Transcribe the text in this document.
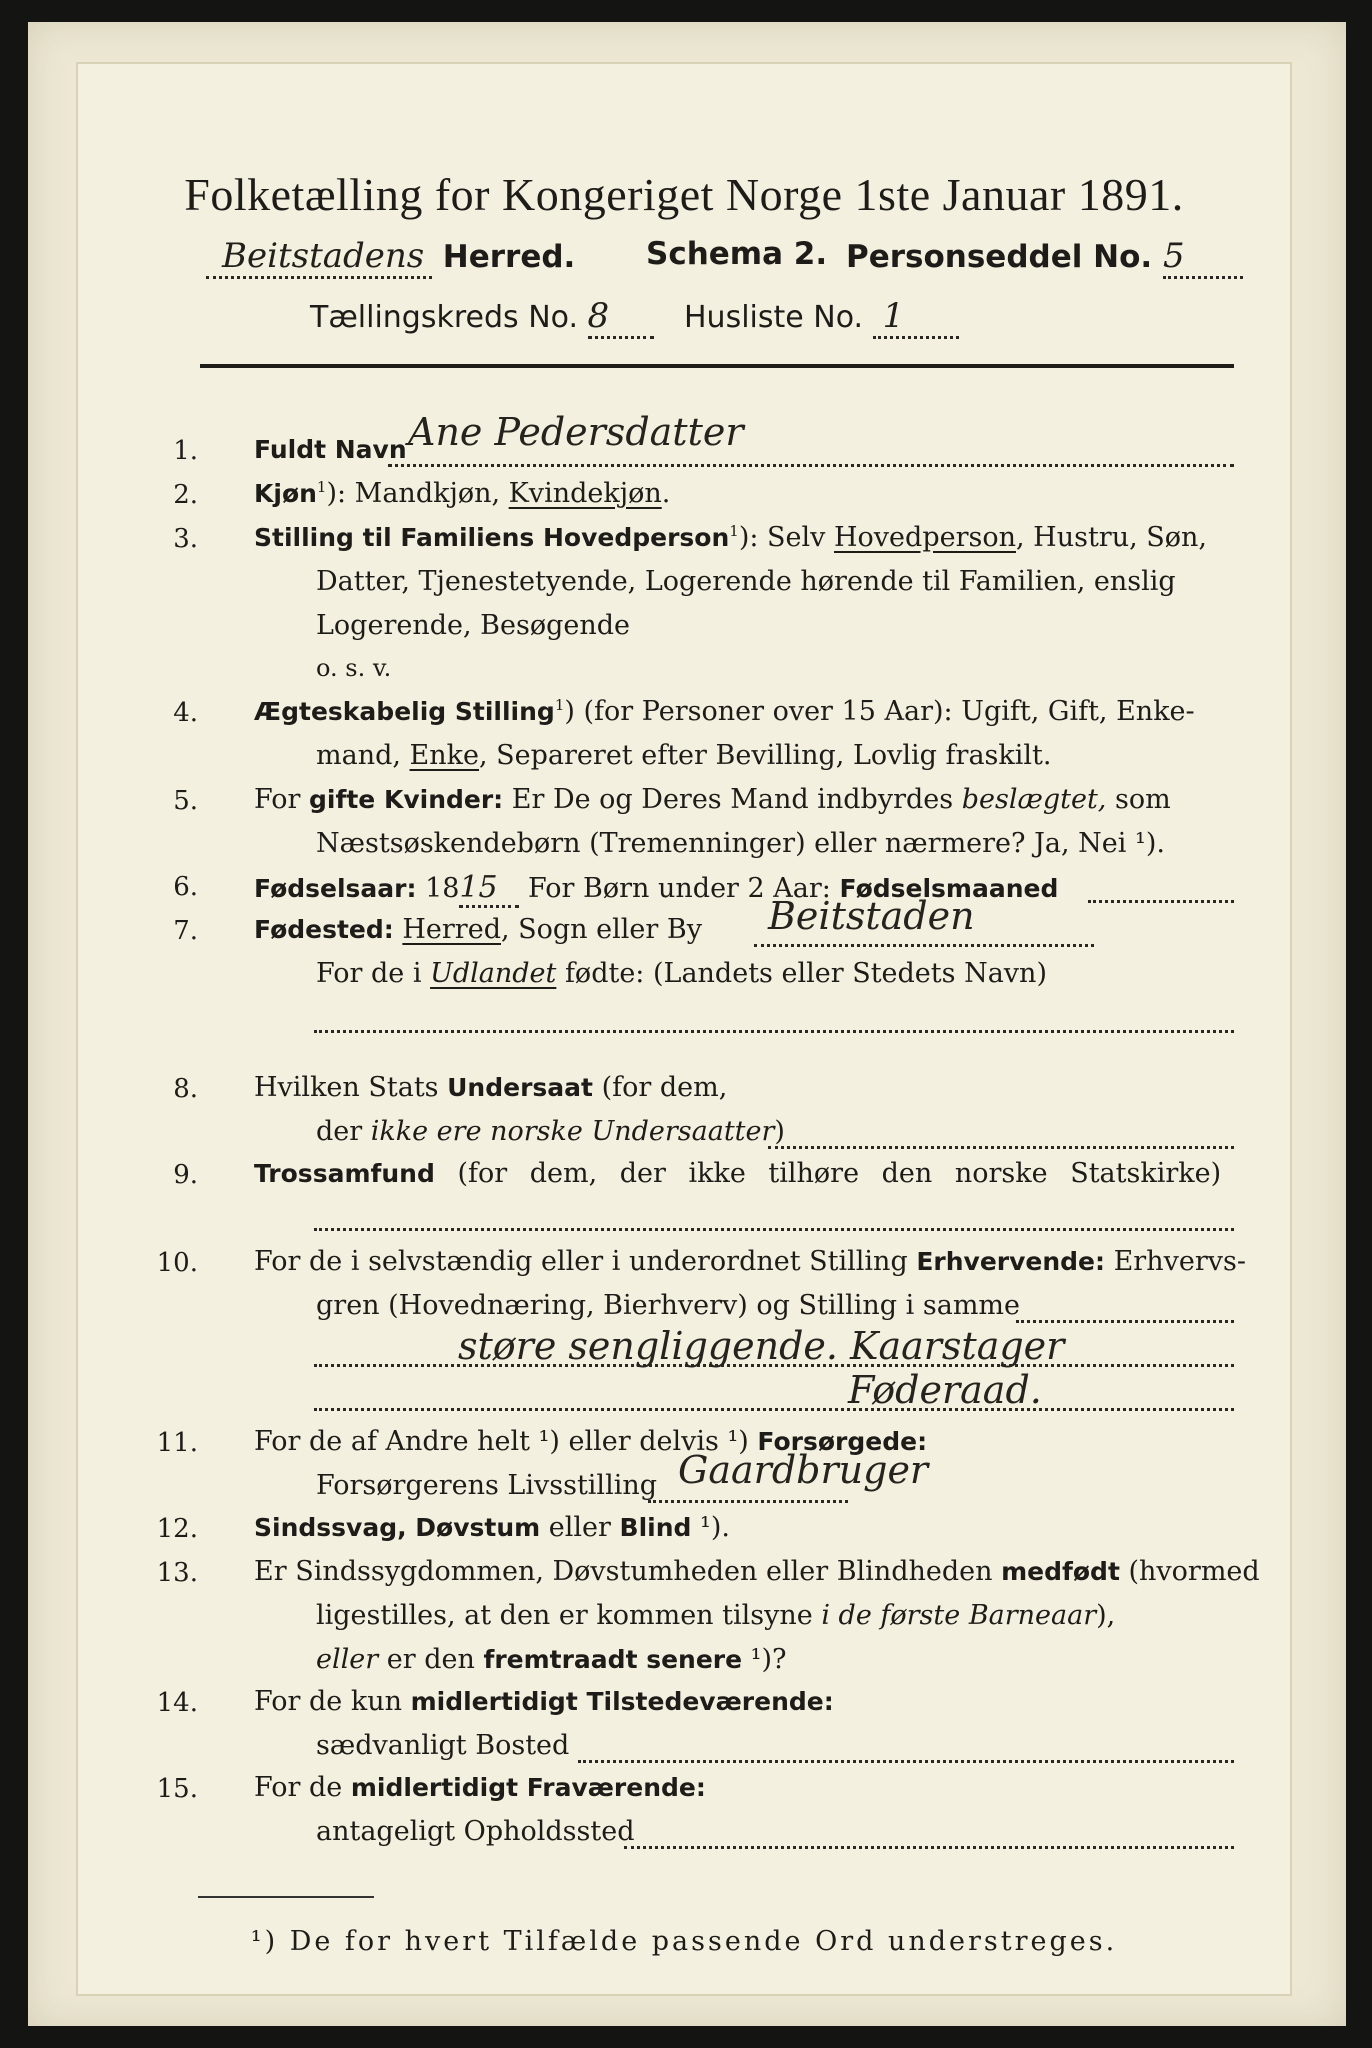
Folketælling for Kongeriget Norge 1ste Januar 1891.
Beitstadens Herred. Schema 2. Personseddel No. 5
Tællingskreds No. 8	Husliste No. 1
1. Fuldt Navn Ane Pedersdatter
2. Kjøn$^1$): Mandkjøn, Kvindekjøn.
3. Stilling til Familiens Hovedperson$^1$): Selv Hovedperson, Hustru, Søn,
Datter, Tjenestetyende, Logerende hørende til Familien, enslig
Logerende, Besøgende
o. s. v.
4. Ægteskabelig Stilling$^1$) (for Personer over 15 Aar): Ugift, Gift, Enke-
mand, Enke, Separeret efter Bevilling, Lovlig fraskilt.
5. For gifte Kvinder: Er De og Deres Mand indbyrdes beslægtet, som
Næstsøskendebørn (Tremenninger) eller nærmere? Ja, Nei ¹).
6. Fødselsaar: 1815 For Børn under 2 Aar: Fødselsmaaned
7. Fødested: Herred, Sogn eller By Beitstaden
For de i Udlandet fødte: (Landets eller Stedets Navn)
8. Hvilken Stats Undersaat (for dem,
der ikke ere norske Undersaatter)
9. Trossamfund (for dem, der ikke tilhøre den norske Statskirke)
10. For de i selvstændig eller i underordnet Stilling Erhvervende: Erhvervs-
gren (Hovednæring, Bierhverv) og Stilling i samme
støre sengliggende. Kaarstager
Føderaad.
11. For de af Andre helt ¹) eller delvis ¹) Forsørgede:
Forsørgerens Livsstilling Gaardbruger
12. Sindssvag, Døvstum eller Blind ¹).
13. Er Sindssygdommen, Døvstumheden eller Blindheden medfødt (hvormed
ligestilles, at den er kommen tilsyne i de første Barneaar),
eller er den fremtraadt senere ¹)?
14. For de kun midlertidigt Tilstedeværende:
sædvanligt Bosted
15. For de midlertidigt Fraværende:
antageligt Opholdssted
¹) De for hvert Tilfælde passende Ord understreges.
